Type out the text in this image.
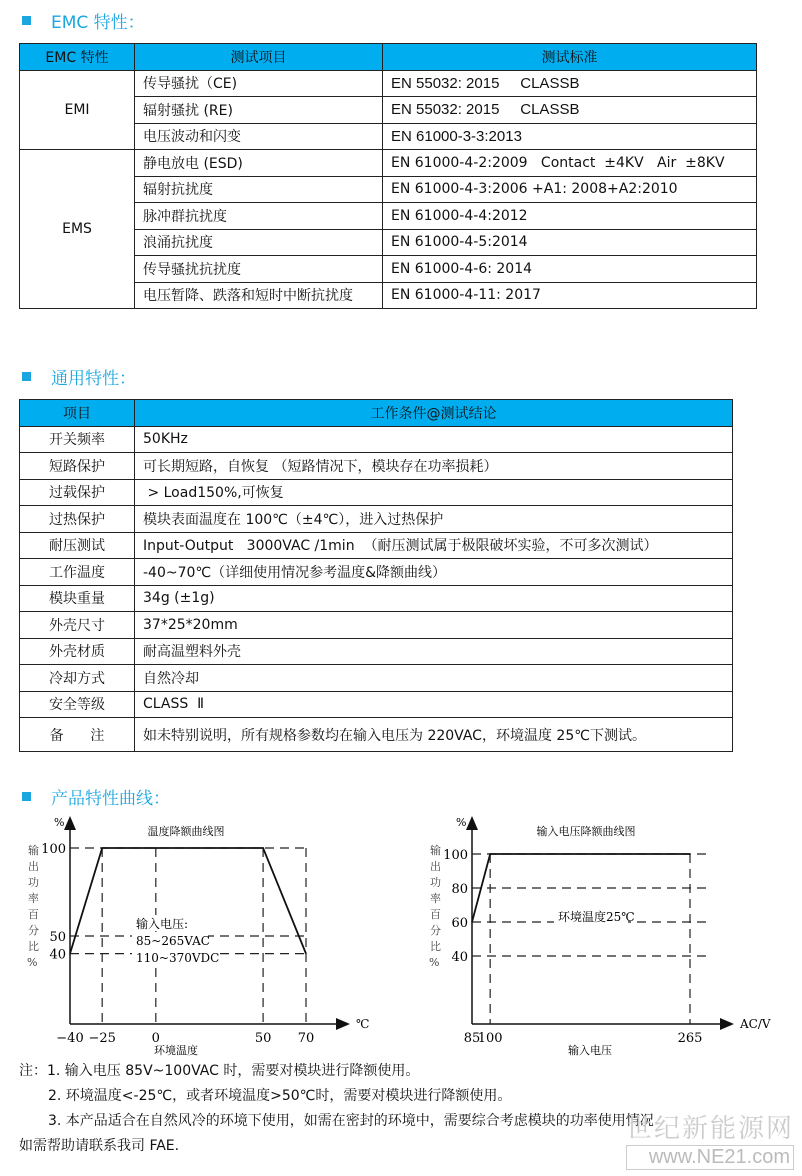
EMC 特性：
EMC 特性	测试项目	测试标准
EMI	传导骚扰（CE)	EN 55032: 2015     CLASSB
	辐射骚扰 (RE)	EN 55032: 2015     CLASSB
	电压波动和闪变	EN 61000-3-3:2013
EMS	静电放电 (ESD)	EN 61000-4-2:2009   Contact  ±4KV   Air  ±8KV
	辐射抗扰度	EN 61000-4-3:2006 +A1: 2008+A2:2010
	脉冲群抗扰度	EN 61000-4-4:2012
	浪涌抗扰度	EN 61000-4-5:2014
	传导骚扰抗扰度	EN 61000-4-6: 2014
	电压暂降、跌落和短时中断抗扰度	EN 61000-4-11: 2017
通用特性：
项目	工作条件@测试结论
开关频率	50KHz
短路保护	可长期短路，自恢复 （短路情况下，模块存在功率损耗）
过载保护	> Load150%,可恢复
过热保护	模块表面温度在 100℃（±4℃），进入过热保护
耐压测试	Input-Output   3000VAC /1min  （耐压测试属于极限破坏实验，不可多次测试）
工作温度	-40~70℃（详细使用情况参考温度&降额曲线）
模块重量	34g (±1g)
外壳尺寸	37*25*20mm
外壳材质	耐高温塑料外壳
冷却方式	自然冷却
安全等级	CLASS  Ⅱ
备      注	如未特别说明，所有规格参数均在输入电压为 220VAC，环境温度 25℃下测试。
产品特性曲线：
%
℃
温度降额曲线图
输
出
功
率
百
分
比
% 40
50
100
−40 −25	0	50 70
环境温度
输入电压:
85~265VAC
110~370VDC
%
AC/V
输入电压降额曲线图
输
出
功
率
百
分
比
% 40
60
80
100
85
100	265
输入电压
环境温度25℃
注：1. 输入电压 85V~100VAC 时，需要对模块进行降额使用。
2. 环境温度<-25℃，或者环境温度>50℃时，需要对模块进行降额使用。
3. 本产品适合在自然风冷的环境下使用，如需在密封的环境中，需要综合考虑模块的功率使用情况
如需帮助请联系我司 FAE.
世纪新能源网
www.NE21.com
